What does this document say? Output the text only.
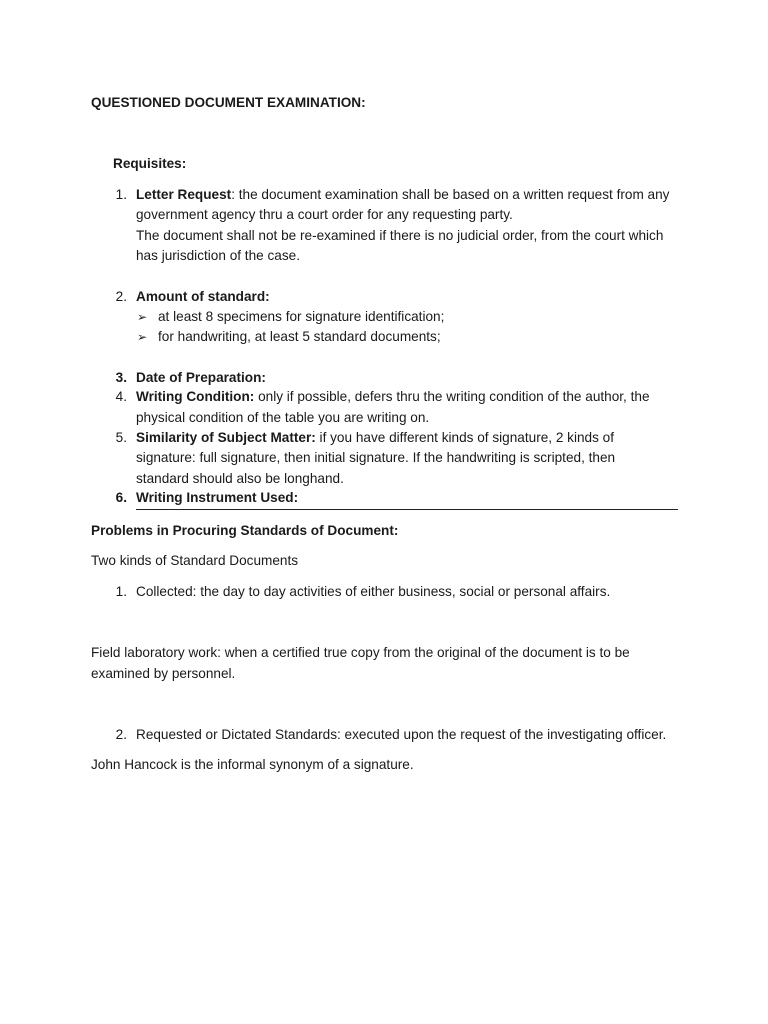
QUESTIONED DOCUMENT EXAMINATION:
Requisites:
1. Letter Request: the document examination shall be based on a written request from any
government agency thru a court order for any requesting party.
The document shall not be re-examined if there is no judicial order, from the court which
has jurisdiction of the case.
2. Amount of standard:
➢ at least 8 specimens for signature identification;
➢ for handwriting, at least 5 standard documents;
3. Date of Preparation:
4. Writing Condition: only if possible, defers thru the writing condition of the author, the
physical condition of the table you are writing on.
5. Similarity of Subject Matter: if you have different kinds of signature, 2 kinds of
signature: full signature, then initial signature. If the handwriting is scripted, then
standard should also be longhand.
6. Writing Instrument Used:
Problems in Procuring Standards of Document:
Two kinds of Standard Documents
1. Collected: the day to day activities of either business, social or personal affairs.
Field laboratory work: when a certified true copy from the original of the document is to be
examined by personnel.
2. Requested or Dictated Standards: executed upon the request of the investigating officer.
John Hancock is the informal synonym of a signature.
